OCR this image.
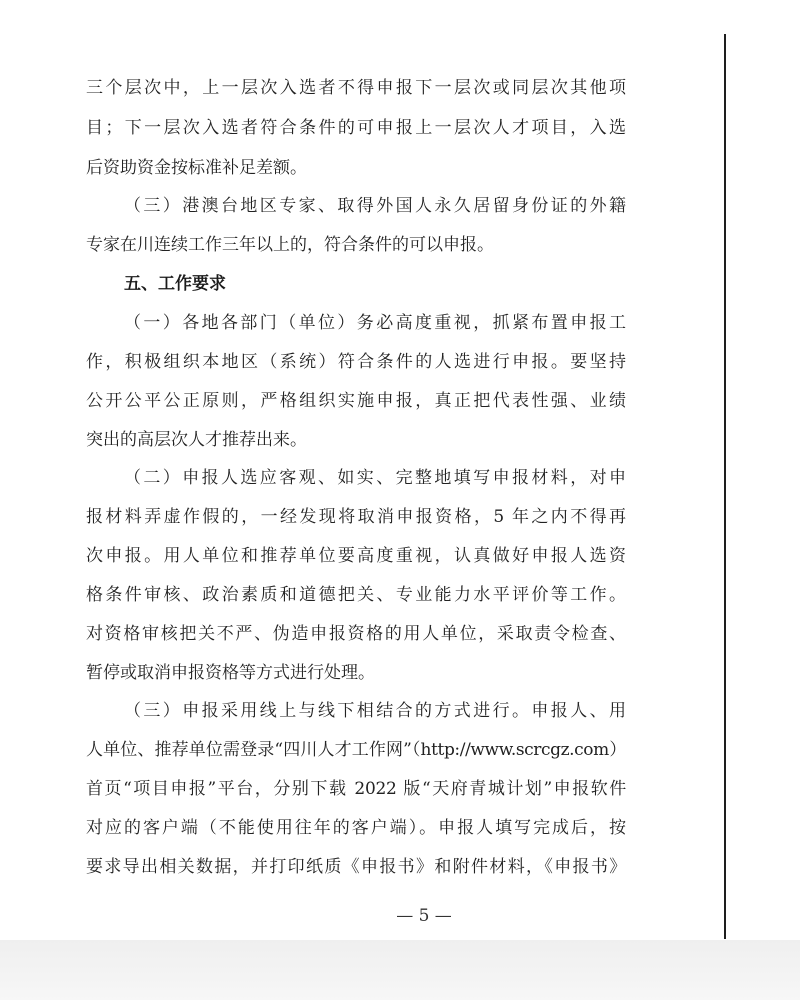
三个层次中，上一层次入选者不得申报下一层次或同层次其他项

目；下一层次入选者符合条件的可申报上一层次人才项目，入选

后资助资金按标准补足差额。

（三）港澳台地区专家、取得外国人永久居留身份证的外籍

专家在川连续工作三年以上的，符合条件的可以申报。

五、工作要求

（一）各地各部门（单位）务必高度重视，抓紧布置申报工

作，积极组织本地区（系统）符合条件的人选进行申报。要坚持

公开公平公正原则，严格组织实施申报，真正把代表性强、业绩

突出的高层次人才推荐出来。

（二）申报人选应客观、如实、完整地填写申报材料，对申

报材料弄虚作假的，一经发现将取消申报资格，5 年之内不得再

次申报。用人单位和推荐单位要高度重视，认真做好申报人选资

格条件审核、政治素质和道德把关、专业能力水平评价等工作。

对资格审核把关不严、伪造申报资格的用人单位，采取责令检查、

暂停或取消申报资格等方式进行处理。

（三）申报采用线上与线下相结合的方式进行。申报人、用

人单位、推荐单位需登录“四川人才工作网”（http://www.scrcgz.com）

首页“项目申报”平台，分别下载 2022 版“天府青城计划”申报软件

对应的客户端（不能使用往年的客户端）。申报人填写完成后，按

要求导出相关数据，并打印纸质《申报书》和附件材料，《申报书》

— 5 —
